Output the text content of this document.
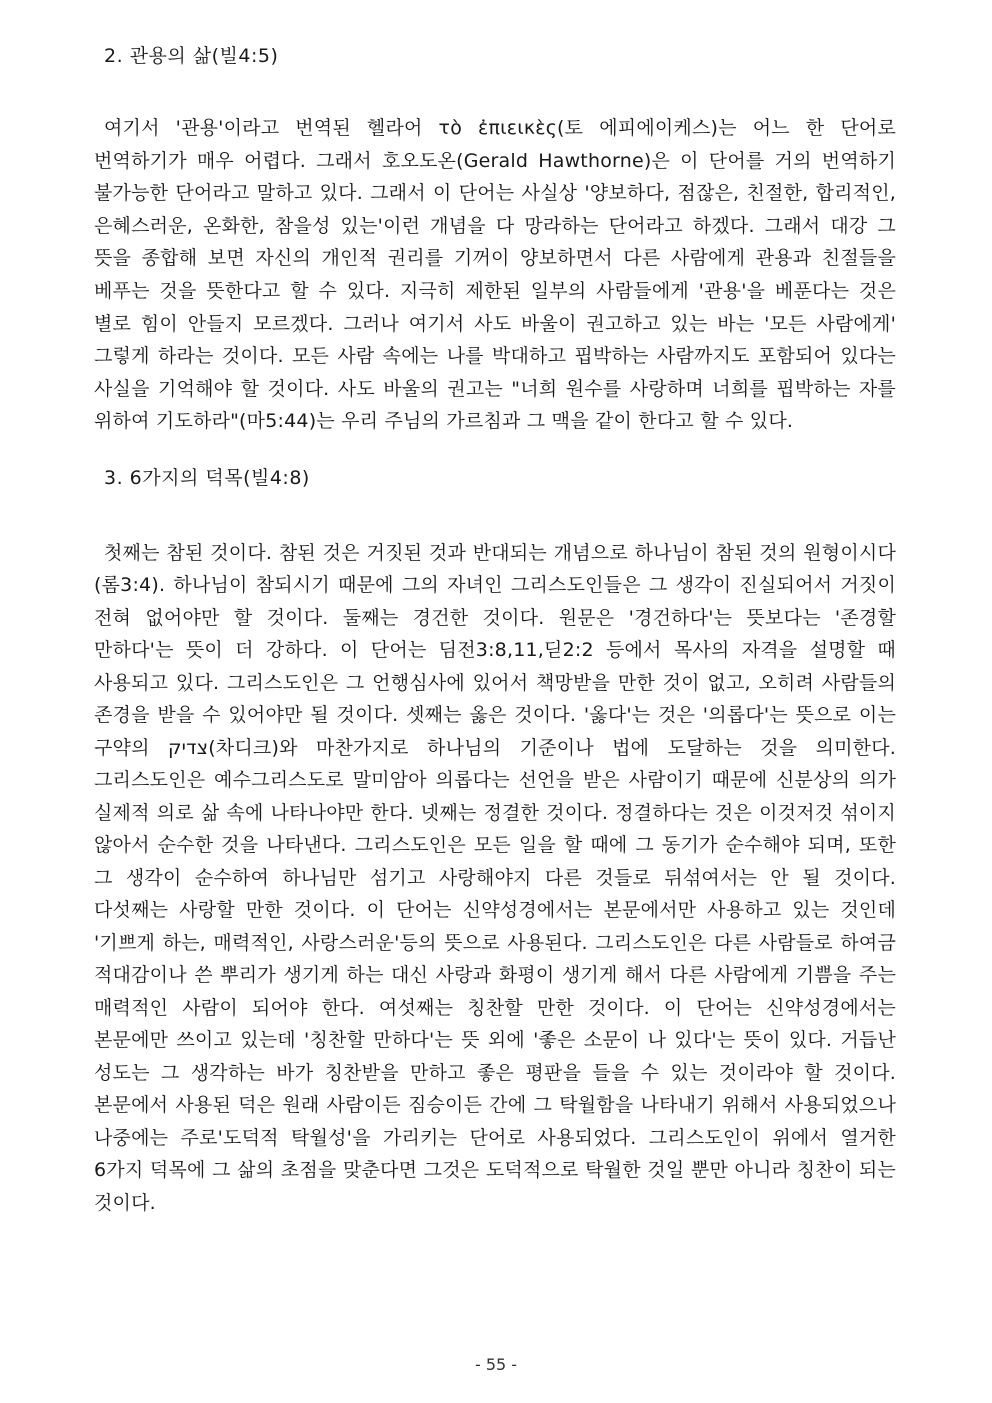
2. 관용의 삶(빌4:5)

여기서 '관용'이라고 번역된 헬라어 τὸ ἐπιεικὲς(토 에피에이케스)는 어느 한 단어로 번역하기가 매우 어렵다. 그래서 호오도온(Gerald Hawthorne)은 이 단어를 거의 번역하기 불가능한 단어라고 말하고 있다. 그래서 이 단어는 사실상 '양보하다, 점잖은, 친절한, 합리적인, 은혜스러운, 온화한, 참을성 있는'이런 개념을 다 망라하는 단어라고 하겠다. 그래서 대강 그 뜻을 종합해 보면 자신의 개인적 권리를 기꺼이 양보하면서 다른 사람에게 관용과 친절들을 베푸는 것을 뜻한다고 할 수 있다. 지극히 제한된 일부의 사람들에게 '관용'을 베푼다는 것은 별로 힘이 안들지 모르겠다. 그러나 여기서 사도 바울이 권고하고 있는 바는 '모든 사람에게' 그렇게 하라는 것이다. 모든 사람 속에는 나를 박대하고 핍박하는 사람까지도 포함되어 있다는 사실을 기억해야 할 것이다. 사도 바울의 권고는 "너희 원수를 사랑하며 너희를 핍박하는 자를 위하여 기도하라"(마5:44)는 우리 주님의 가르침과 그 맥을 같이 한다고 할 수 있다.

3. 6가지의 덕목(빌4:8)

첫째는 참된 것이다. 참된 것은 거짓된 것과 반대되는 개념으로 하나님이 참된 것의 원형이시다(롬3:4). 하나님이 참되시기 때문에 그의 자녀인 그리스도인들은 그 생각이 진실되어서 거짓이 전혀 없어야만 할 것이다. 둘째는 경건한 것이다. 원문은 '경건하다'는 뜻보다는 '존경할 만하다'는 뜻이 더 강하다. 이 단어는 딤전3:8,11,딛2:2 등에서 목사의 자격을 설명할 때 사용되고 있다. 그리스도인은 그 언행심사에 있어서 책망받을 만한 것이 없고, 오히려 사람들의 존경을 받을 수 있어야만 될 것이다. 셋째는 옳은 것이다. '옳다'는 것은 '의롭다'는 뜻으로 이는 구약의 צדיק(차디크)와 마찬가지로 하나님의 기준이나 법에 도달하는 것을 의미한다. 그리스도인은 예수그리스도로 말미암아 의롭다는 선언을 받은 사람이기 때문에 신분상의 의가 실제적 의로 삶 속에 나타나야만 한다. 넷째는 정결한 것이다. 정결하다는 것은 이것저것 섞이지 않아서 순수한 것을 나타낸다. 그리스도인은 모든 일을 할 때에 그 동기가 순수해야 되며, 또한 그 생각이 순수하여 하나님만 섬기고 사랑해야지 다른 것들로 뒤섞여서는 안 될 것이다. 다섯째는 사랑할 만한 것이다. 이 단어는 신약성경에서는 본문에서만 사용하고 있는 것인데 '기쁘게 하는, 매력적인, 사랑스러운'등의 뜻으로 사용된다. 그리스도인은 다른 사람들로 하여금 적대감이나 쓴 뿌리가 생기게 하는 대신 사랑과 화평이 생기게 해서 다른 사람에게 기쁨을 주는 매력적인 사람이 되어야 한다. 여섯째는 칭찬할 만한 것이다. 이 단어는 신약성경에서는 본문에만 쓰이고 있는데 '칭찬할 만하다'는 뜻 외에 '좋은 소문이 나 있다'는 뜻이 있다. 거듭난 성도는 그 생각하는 바가 칭찬받을 만하고 좋은 평판을 들을 수 있는 것이라야 할 것이다. 본문에서 사용된 덕은 원래 사람이든 짐승이든 간에 그 탁월함을 나타내기 위해서 사용되었으나 나중에는 주로'도덕적 탁월성'을 가리키는 단어로 사용되었다. 그리스도인이 위에서 열거한 6가지 덕목에 그 삶의 초점을 맞춘다면 그것은 도덕적으로 탁월한 것일 뿐만 아니라 칭찬이 되는 것이다.

- 55 -
